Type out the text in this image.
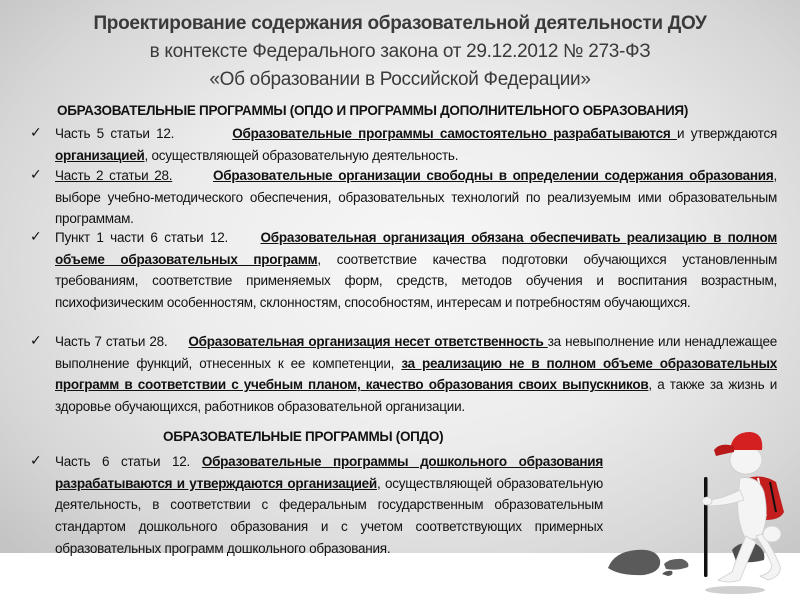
Проектирование содержания образовательной деятельности ДОУ
в контексте Федерального закона от 29.12.2012 № 273-ФЗ
«Об образовании в Российской Федерации»
ОБРАЗОВАТЕЛЬНЫЕ ПРОГРАММЫ (ОПДО И ПРОГРАММЫ ДОПОЛНИТЕЛЬНОГО ОБРАЗОВАНИЯ)
✓ Часть 5 статьи 12.	Образовательные программы самостоятельно разрабатываются и утверждаются организацией, осуществляющей образовательную деятельность.
✓ Часть 2 статьи 28.	Образовательные организации свободны в определении содержания образования, выборе учебно-методического обеспечения, образовательных технологий по реализуемым ими образовательным программам.
✓ Пункт 1 части 6 статьи 12. Образовательная организация обязана обеспечивать реализацию в полном объеме образовательных программ, соответствие качества подготовки обучающихся установленным требованиям, соответствие применяемых форм, средств, методов обучения и воспитания возрастным, психофизическим особенностям, склонностям, способностям, интересам и потребностям обучающихся.
✓ Часть 7 статьи 28. Образовательная организация несет ответственность за невыполнение или ненадлежащее выполнение функций, отнесенных к ее компетенции, за реализацию не в полном объеме образовательных программ в соответствии с учебным планом, качество образования своих выпускников, а также за жизнь и здоровье обучающихся, работников образовательной организации.
ОБРАЗОВАТЕЛЬНЫЕ ПРОГРАММЫ (ОПДО)
✓ Часть 6 статьи 12. Образовательные программы дошкольного образования разрабатываются и утверждаются организацией, осуществляющей образовательную деятельность, в соответствии с федеральным государственным образовательным стандартом дошкольного образования и с учетом соответствующих примерных образовательных программ дошкольного образования.
